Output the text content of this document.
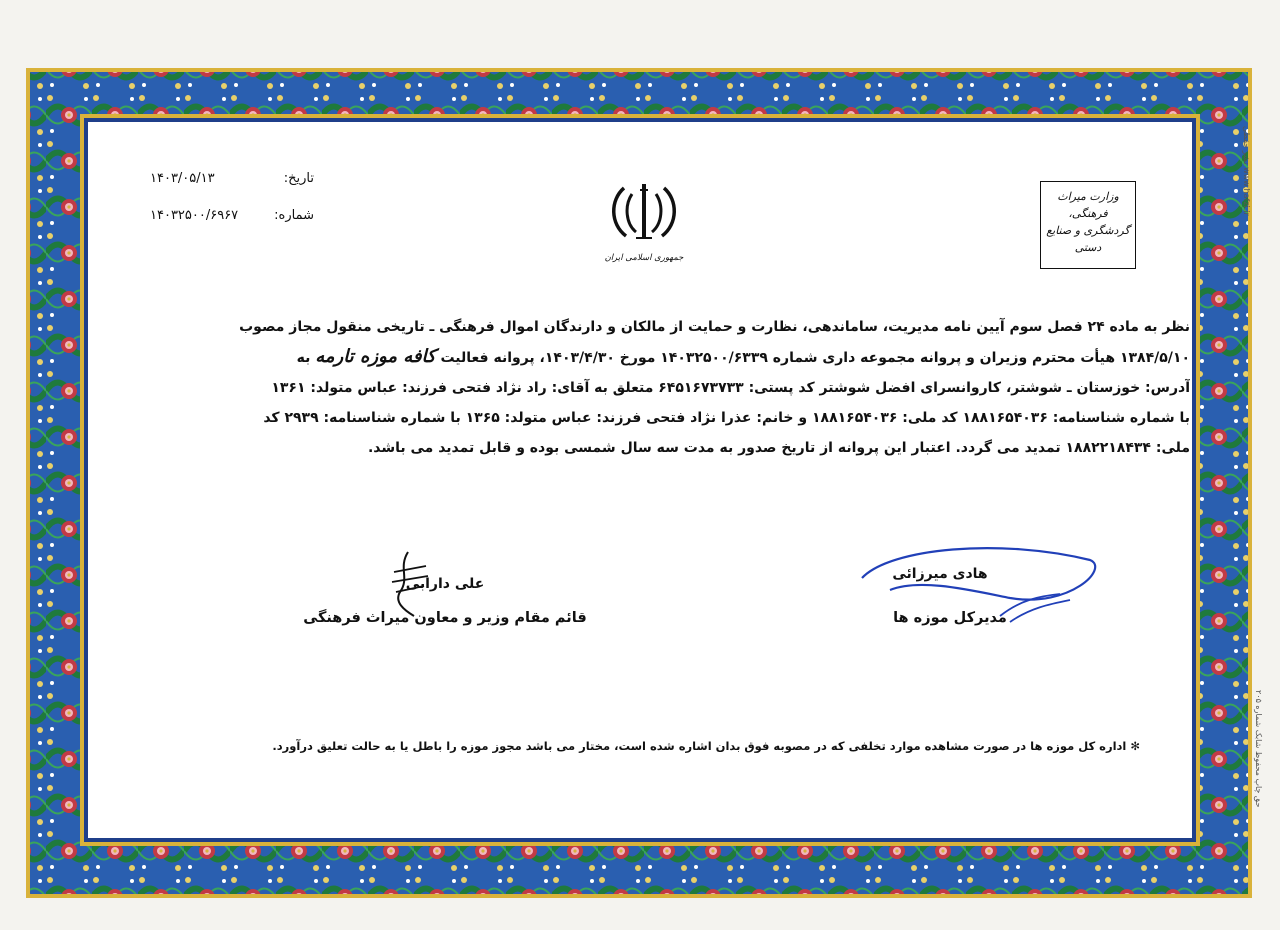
نشر حفظی www.hafzi.ir
حق چاپ محفوظ شابک شماره ۲۰۵
تاریخ:
۱۴۰۳/۰۵/۱۳
شماره:
۱۴۰۳۲۵۰۰/۶۹۶۷
جمهوری اسلامی ایران
وزارت میراث فرهنگی، گردشگری و صنایع دستی
نظر به ماده ۲۴ فصل سوم آیین نامه مدیریت، ساماندهی، نظارت و حمایت از مالکان و دارندگان اموال فرهنگی ـ تاریخی منقول مجاز مصوب
۱۳۸۴/۵/۱۰ هیأت محترم وزیران و پروانه مجموعه داری شماره ۱۴۰۳۲۵۰۰/۶۳۳۹ مورخ ۱۴۰۳/۴/۳۰، پروانه فعالیت کافه موزه تارمه به
آدرس: خوزستان ـ شوشتر، کاروانسرای افضل شوشتر کد پستی: ۶۴۵۱۶۷۳۷۳۳ متعلق به آقای: راد نژاد فتحی فرزند: عباس متولد: ۱۳۶۱
با شماره شناسنامه: ۱۸۸۱۶۵۴۰۳۶ کد ملی: ۱۸۸۱۶۵۴۰۳۶ و خانم: عذرا نژاد فتحی فرزند: عباس متولد: ۱۳۶۵ با شماره شناسنامه: ۲۹۳۹ کد
ملی: ۱۸۸۲۲۱۸۴۳۴ تمدید می گردد. اعتبار این پروانه از تاریخ صدور به مدت سه سال شمسی بوده و قابل تمدید می باشد.
هادی میرزائی
مدیرکل موزه ها
علی دارابی
قائم مقام وزیر و معاون میراث فرهنگی
✻ اداره کل موزه ها در صورت مشاهده موارد تخلفی که در مصوبه فوق بدان اشاره شده است، مختار می باشد مجوز موزه را باطل یا به حالت تعلیق درآورد.
